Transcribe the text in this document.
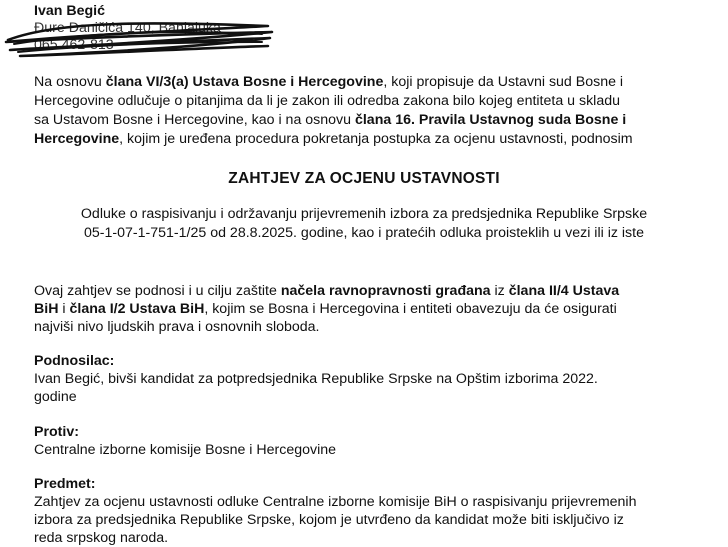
Ivan Begić
Đure Daničića 140, Banjaluka
065 462-813
Na osnovu člana VI/3(a) Ustava Bosne i Hercegovine, koji propisuje da Ustavni sud Bosne i
Hercegovine odlučuje o pitanjima da li je zakon ili odredba zakona bilo kojeg entiteta u skladu
sa Ustavom Bosne i Hercegovine, kao i na osnovu člana 16. Pravila Ustavnog suda Bosne i
Hercegovine, kojim je uređena procedura pokretanja postupka za ocjenu ustavnosti, podnosim
ZAHTJEV ZA OCJENU USTAVNOSTI
Odluke o raspisivanju i održavanju prijevremenih izbora za predsjednika Republike Srpske
05-1-07-1-751-1/25 od 28.8.2025. godine, kao i pratećih odluka proisteklih u vezi ili iz iste
Ovaj zahtjev se podnosi i u cilju zaštite načela ravnopravnosti građana iz člana II/4 Ustava
BiH i člana I/2 Ustava BiH, kojim se Bosna i Hercegovina i entiteti obavezuju da će osigurati
najviši nivo ljudskih prava i osnovnih sloboda.
Podnosilac:
Ivan Begić, bivši kandidat za potpredsjednika Republike Srpske na Opštim izborima 2022.
godine
Protiv:
Centralne izborne komisije Bosne i Hercegovine
Predmet:
Zahtjev za ocjenu ustavnosti odluke Centralne izborne komisije BiH o raspisivanju prijevremenih
izbora za predsjednika Republike Srpske, kojom je utvrđeno da kandidat može biti isključivo iz
reda srpskog naroda.
